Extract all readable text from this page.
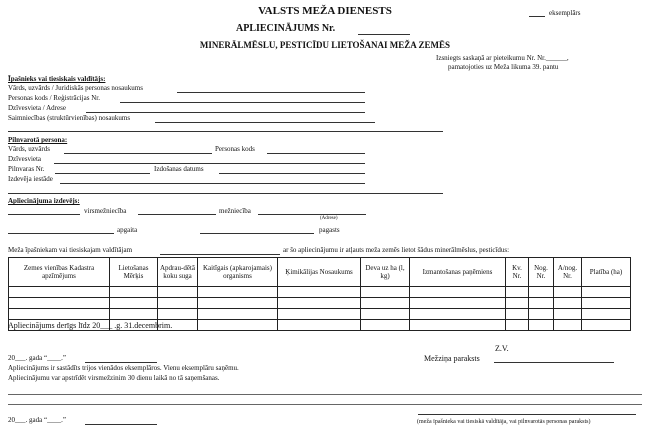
VALSTS MEŽA DIENESTS	eksemplārs
APLIECINĀJUMS Nr.
MINERĀLMĒSLU, PESTICĪDU LIETOŠANAI MEŽA ZEMĒS
Izsniegts saskaņā ar pieteikumu Nr. Nr.______,
pamatojoties uz Meža likuma 39. pantu
Īpašnieks vai tiesiskais valdītājs:
Vārds, uzvārds / Juridiskās personas nosaukums
Personas kods / Reģistrācijas Nr.
Dzīvesvieta / Adrese
Saimniecības (struktūrvienības) nosaukums
Pilnvarotā persona:
Vārds, uzvārds	Personas kods
Dzīvesvieta
Pilnvaras Nr.	Izdošanas datums
Izdevēja iestāde
Apliecinājuma izdevējs:
virsmežniecība	mežniecība
(Adrese)
apgaita	pagasts
Meža īpašniekam vai tiesiskajam valdītājam	ar šo apliecinājumu ir atļauts meža zemēs lietot šādus minerālmēslus, pesticīdus:
Zemes vienības Kadastra apzīmējums	Lietošanas Mērķis	Apdrau-dētā koku suga	Kaitīgais (apkarojamais) organisms	Ķimikālijas Nosaukums	Deva uz ha (l, kg)	Izmantošanas paņēmiens	Kv. Nr.	Nog. Nr.	A/nog. Nr.	Platība (ha)

Apliecinājums derīgs līdz 20___ .g. 31.decembrim.
Z.V.
20___. gada “____.”	Mežziņa paraksts
Apliecinājums ir sastādīts trijos vienādos eksemplāros. Vienu eksemplāru saņēmu.
Apliecinājumu var apstrīdēt virsmežzinim 30 dienu laikā no tā saņemšanas.
20___. gada “____.”	(meža īpašnieka vai tiesiskā valdītāja, vai pilnvarotās personas paraksts)
